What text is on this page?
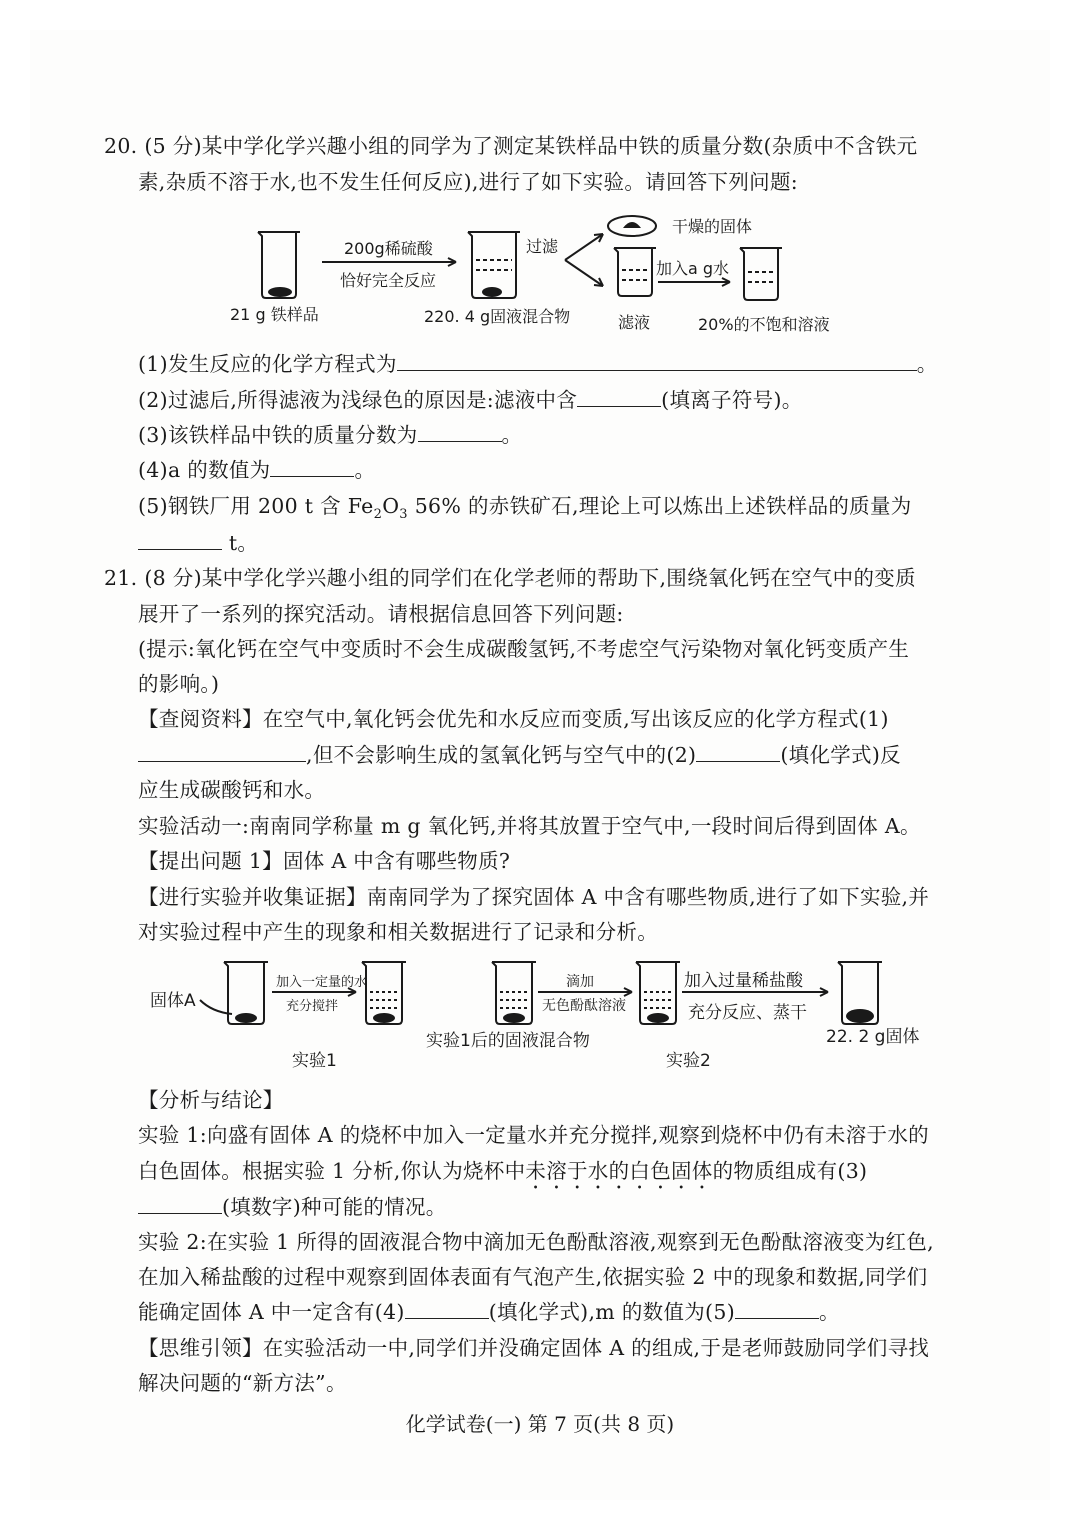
20. (5 分)某中学化学兴趣小组的同学为了测定某铁样品中铁的质量分数(杂质中不含铁元
素,杂质不溶于水,也不发生任何反应),进行了如下实验。请回答下列问题:
200g稀硫酸
恰好完全反应
过滤
干燥的固体
加入a g水
21 g 铁样品	220. 4 g固液混合物	滤液	20%的不饱和溶液
(1)发生反应的化学方程式为	。
(2)过滤后,所得滤液为浅绿色的原因是:滤液中含	(填离子符号)。
(3)该铁样品中铁的质量分数为	。
(4)a 的数值为	。
(5)钢铁厂用 200 t 含 $Fe_2O_3$ 56% 的赤铁矿石,理论上可以炼出上述铁样品的质量为
t。
21. (8 分)某中学化学兴趣小组的同学们在化学老师的帮助下,围绕氧化钙在空气中的变质
展开了一系列的探究活动。请根据信息回答下列问题:
(提示:氧化钙在空气中变质时不会生成碳酸氢钙,不考虑空气污染物对氧化钙变质产生
的影响。)
【查阅资料】在空气中,氧化钙会优先和水反应而变质,写出该反应的化学方程式(1)
,但不会影响生成的氢氧化钙与空气中的(2)	(填化学式)反
应生成碳酸钙和水。
实验活动一:南南同学称量 m g 氧化钙,并将其放置于空气中,一段时间后得到固体 A。
【提出问题 1】固体 A 中含有哪些物质?
【进行实验并收集证据】南南同学为了探究固体 A 中含有哪些物质,进行了如下实验,并
对实验过程中产生的现象和相关数据进行了记录和分析。
固体A
加入一定量的水
充分搅拌
滴加
无色酚酞溶液
加入过量稀盐酸
充分反应、蒸干
实验1后的固液混合物	22. 2 g固体
实验1	实验2
【分析与结论】
实验 1:向盛有固体 A 的烧杯中加入一定量水并充分搅拌,观察到烧杯中仍有未溶于水的
白色固体。根据实验 1 分析,你认为烧杯中未溶于水的白色固体的物质组成有(3)
(填数字)种可能的情况。
实验 2:在实验 1 所得的固液混合物中滴加无色酚酞溶液,观察到无色酚酞溶液变为红色,
在加入稀盐酸的过程中观察到固体表面有气泡产生,依据实验 2 中的现象和数据,同学们
能确定固体 A 中一定含有(4)	(填化学式),m 的数值为(5)	。
【思维引领】在实验活动一中,同学们并没确定固体 A 的组成,于是老师鼓励同学们寻找
解决问题的“新方法”。
化学试卷(一) 第 7 页(共 8 页)
